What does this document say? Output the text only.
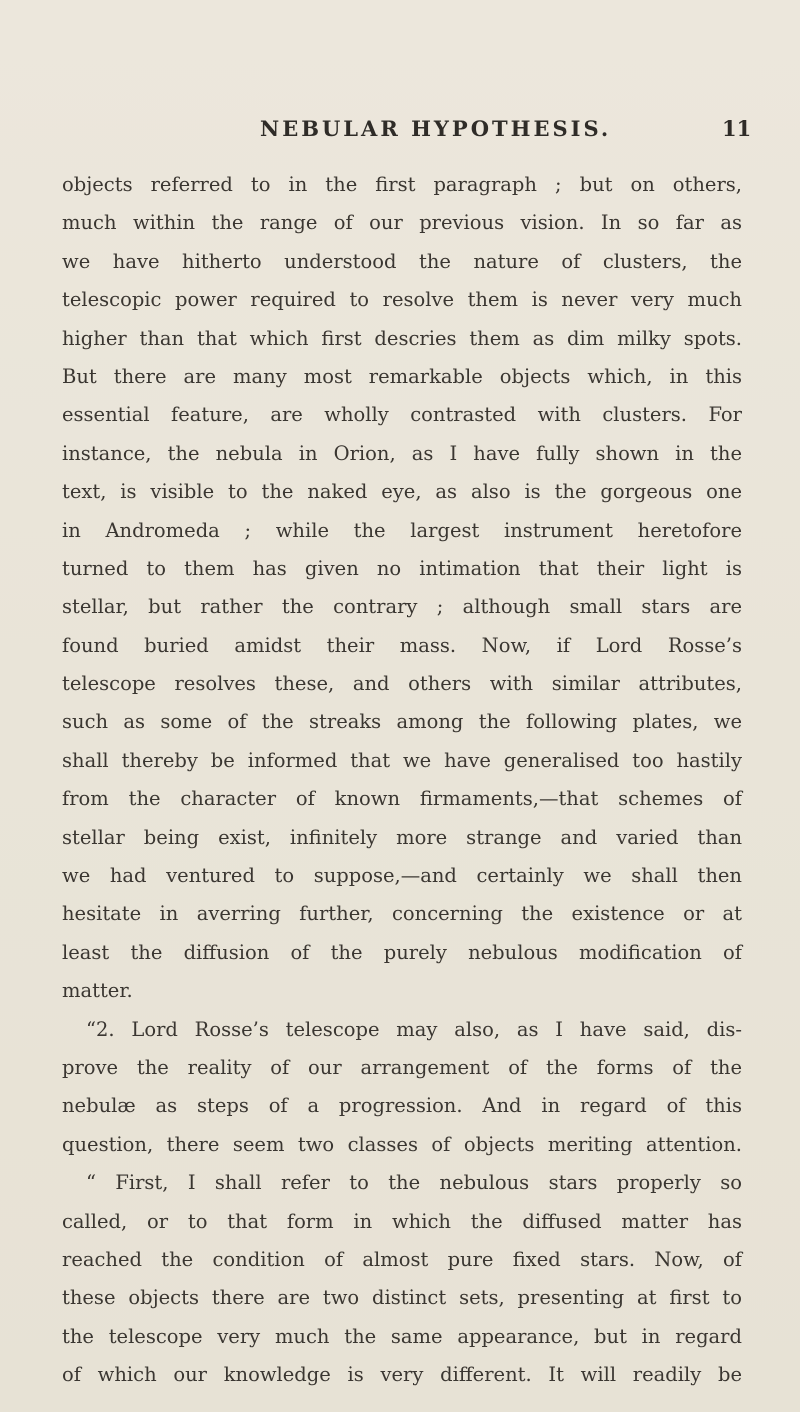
NEBULAR HYPOTHESIS.	11
objects referred to in the first paragraph ; but on others,
much within the range of our previous vision. In so far as
we have hitherto understood the nature of clusters, the
telescopic power required to resolve them is never very much
higher than that which first descries them as dim milky spots.
But there are many most remarkable objects which, in this
essential feature, are wholly contrasted with clusters. For
instance, the nebula in Orion, as I have fully shown in the
text, is visible to the naked eye, as also is the gorgeous one
in Andromeda ; while the largest instrument heretofore
turned to them has given no intimation that their light is
stellar, but rather the contrary ; although small stars are
found buried amidst their mass. Now, if Lord Rosse’s
telescope resolves these, and others with similar attributes,
such as some of the streaks among the following plates, we
shall thereby be informed that we have generalised too hastily
from the character of known firmaments,—that schemes of
stellar being exist, infinitely more strange and varied than
we had ventured to suppose,—and certainly we shall then
hesitate in averring further, concerning the existence or at
least the diffusion of the purely nebulous modification of
matter.
“2. Lord Rosse’s telescope may also, as I have said, dis-
prove the reality of our arrangement of the forms of the
nebulæ as steps of a progression. And in regard of this
question, there seem two classes of objects meriting attention.
“ First, I shall refer to the nebulous stars properly so
called, or to that form in which the diffused matter has
reached the condition of almost pure fixed stars. Now, of
these objects there are two distinct sets, presenting at first to
the telescope very much the same appearance, but in regard
of which our knowledge is very different. It will readily be
